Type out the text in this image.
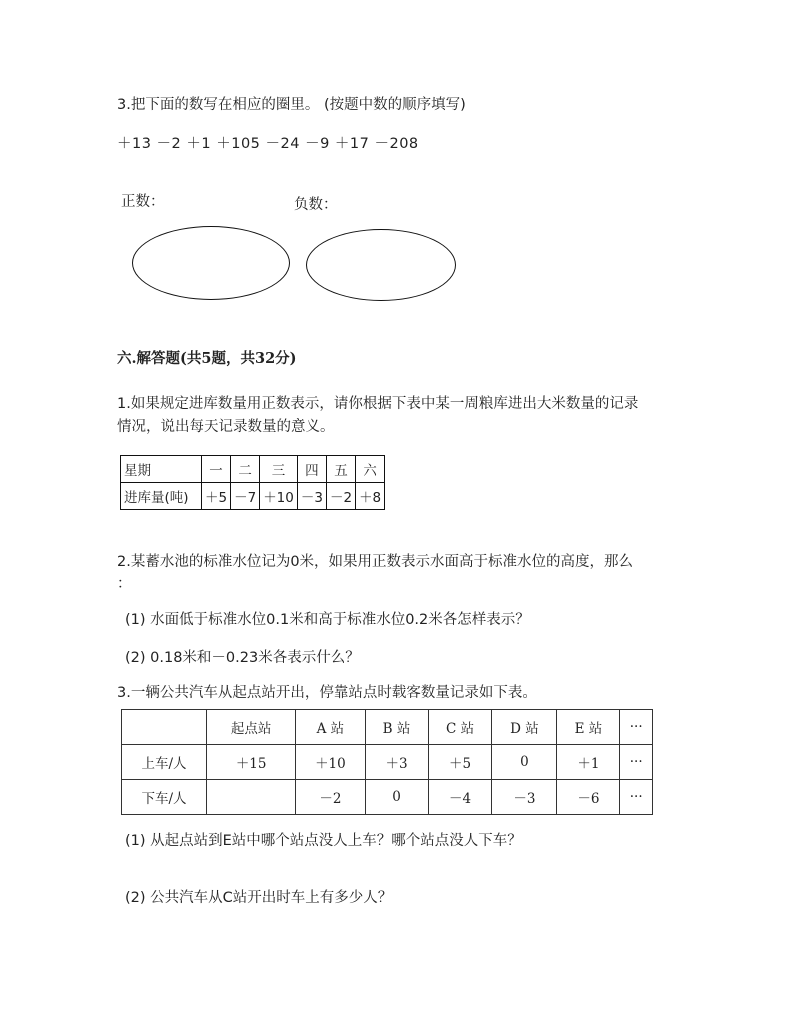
3.把下面的数写在相应的圈里。 (按题中数的顺序填写)
＋13 －2 ＋1 ＋105 －24 －9 ＋17 －208
正数：	负数：
六.解答题(共5题，共32分)
1.如果规定进库数量用正数表示，请你根据下表中某一周粮库进出大米数量的记录
情况，说出每天记录数量的意义。
星期	一	二	三	四	五	六
进库量(吨)	＋5	－7	＋10	－3	－2	＋8
2.某蓄水池的标准水位记为0米，如果用正数表示水面高于标准水位的高度，那么
：
(1) 水面低于标准水位0.1米和高于标准水位0.2米各怎样表示？
(2) 0.18米和－0.23米各表示什么？
3.一辆公共汽车从起点站开出，停靠站点时载客数量记录如下表。
	起点站	A 站	B 站	C 站	D 站	E 站	···
上车/人	＋15	＋10	＋3	＋5	0	＋1	···
下车/人		－2	0	－4	－3	－6	···
(1) 从起点站到E站中哪个站点没人上车？哪个站点没人下车？
(2) 公共汽车从C站开出时车上有多少人？
